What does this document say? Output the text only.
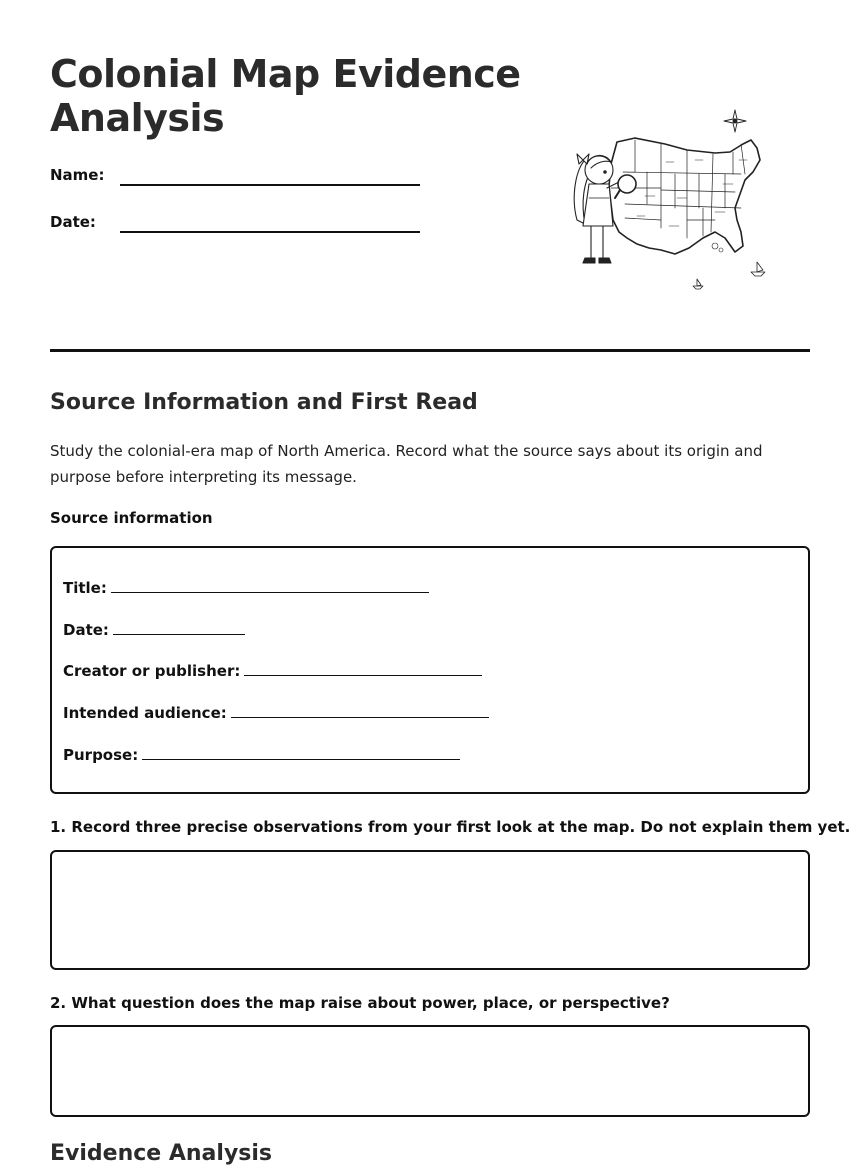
Colonial Map Evidence Analysis
Name:
Date:
Source Information and First Read

Study the colonial-era map of North America. Record what the source says about its origin and purpose before interpreting its message.

Source information

Title:
Date:
Creator or publisher:
Intended audience:
Purpose:

1. Record three precise observations from your first look at the map. Do not explain them yet.

2. What question does the map raise about power, place, or perspective?

Evidence Analysis
